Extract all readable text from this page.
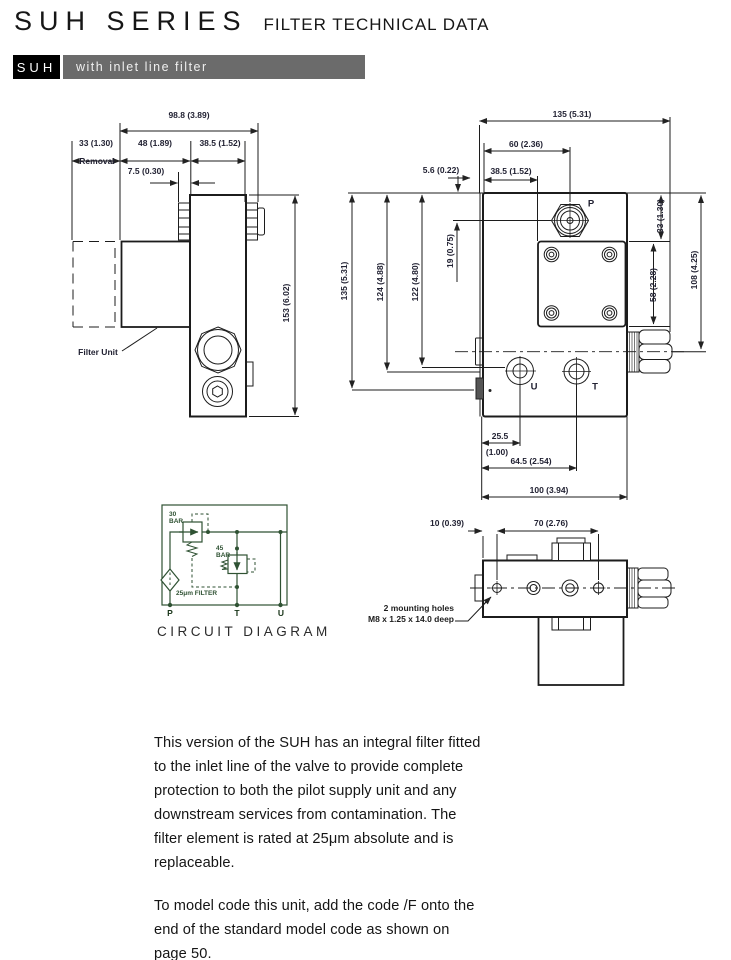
SUH SERIES FILTER TECHNICAL DATA
SUH	with inlet line filter
98.8 (3.89)
33 (1.30)	48 (1.89)	38.5 (1.52)
Removal
7.5 (0.30)
153 (6.02)
Filter Unit
135 (5.31)
60 (2.36)
38.5 (1.52)
5.6 (0.22)
P	33 (1.30)
58 (2.28)	108 (4.25)
135 (5.31)	124 (4.88)	122 (4.80)
19 (0.75)
U	T
25.5
(1.00)
64.5 (2.54)
100 (3.94)
10 (0.39)	70 (2.76)
2 mounting holes
M8 x 1.25 x 14.0 deep
30
BAR
45
BAR
25μm FILTER
P	T	U
CIRCUIT DIAGRAM

This version of the SUH has an integral filter fitted to the inlet line of the valve to provide complete protection to both the pilot supply unit and any downstream services from contamination. The filter element is rated at 25μm absolute and is replaceable.

To model code this unit, add the code /F onto the end of the standard model code as shown on page 50.
